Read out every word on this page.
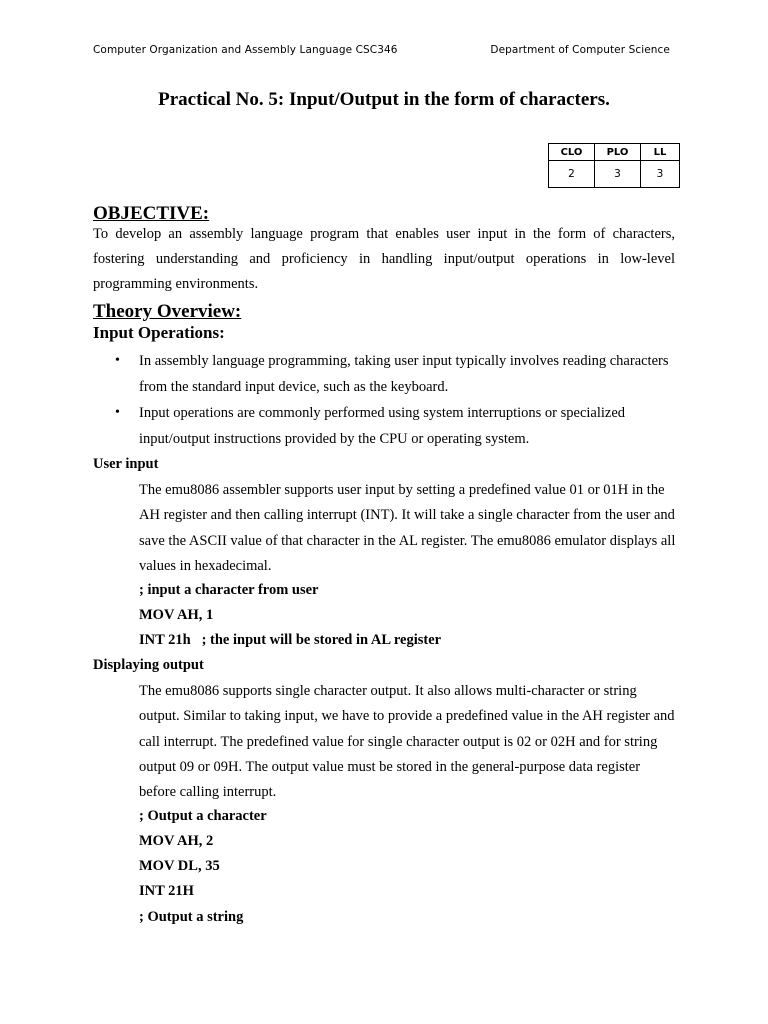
Computer Organization and Assembly Language CSC346	Department of Computer Science
Practical No. 5: Input/Output in the form of characters.
CLO	PLO	LL
2	3	3
OBJECTIVE:
To develop an assembly language program that enables user input in the form of characters, fostering understanding and proficiency in handling input/output operations in low-level programming environments.
Theory Overview:
Input Operations:
• In assembly language programming, taking user input typically involves reading characters from the standard input device, such as the keyboard.
• Input operations are commonly performed using system interruptions or specialized input/output instructions provided by the CPU or operating system.
User input
The emu8086 assembler supports user input by setting a predefined value 01 or 01H in the AH register and then calling interrupt (INT). It will take a single character from the user and save the ASCII value of that character in the AL register. The emu8086 emulator displays all values in hexadecimal.
; input a character from user
MOV AH, 1
INT 21h   ; the input will be stored in AL register
Displaying output
The emu8086 supports single character output. It also allows multi-character or string output. Similar to taking input, we have to provide a predefined value in the AH register and call interrupt. The predefined value for single character output is 02 or 02H and for string output 09 or 09H. The output value must be stored in the general-purpose data register before calling interrupt.
; Output a character
MOV AH, 2
MOV DL, 35
INT 21H
; Output a string
